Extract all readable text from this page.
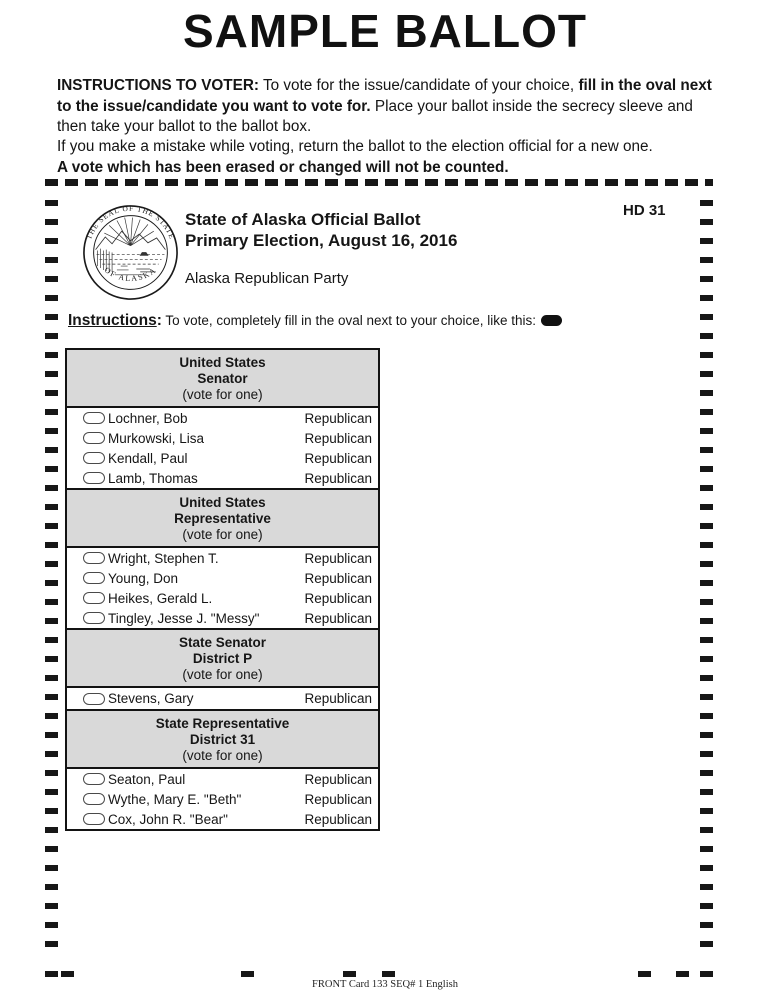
SAMPLE BALLOT

INSTRUCTIONS TO VOTER: To vote for the issue/candidate of your choice, fill in the oval next to the issue/candidate you want to vote for. Place your ballot inside the secrecy sleeve and then take your ballot to the ballot box.

If you make a mistake while voting, return the ballot to the election official for a new one.
A vote which has been erased or changed will not be counted.

HD 31
THE SEAL OF THE STATE
OF ALASKA
State of Alaska Official Ballot
Primary Election, August 16, 2016
Alaska Republican Party
Instructions: To vote, completely fill in the oval next to your choice, like this:
United States
Senator
(vote for one)
Lochner, Bob	Republican
Murkowski, Lisa	Republican
Kendall, Paul	Republican
Lamb, Thomas	Republican
United States
Representative
(vote for one)
Wright, Stephen T.	Republican
Young, Don	Republican
Heikes, Gerald L.	Republican
Tingley, Jesse J. "Messy"	Republican
State Senator
District P
(vote for one)
Stevens, Gary	Republican
State Representative
District 31
(vote for one)
Seaton, Paul	Republican
Wythe, Mary E. "Beth"	Republican
Cox, John R. "Bear"	Republican
FRONT Card 133 SEQ# 1 English
